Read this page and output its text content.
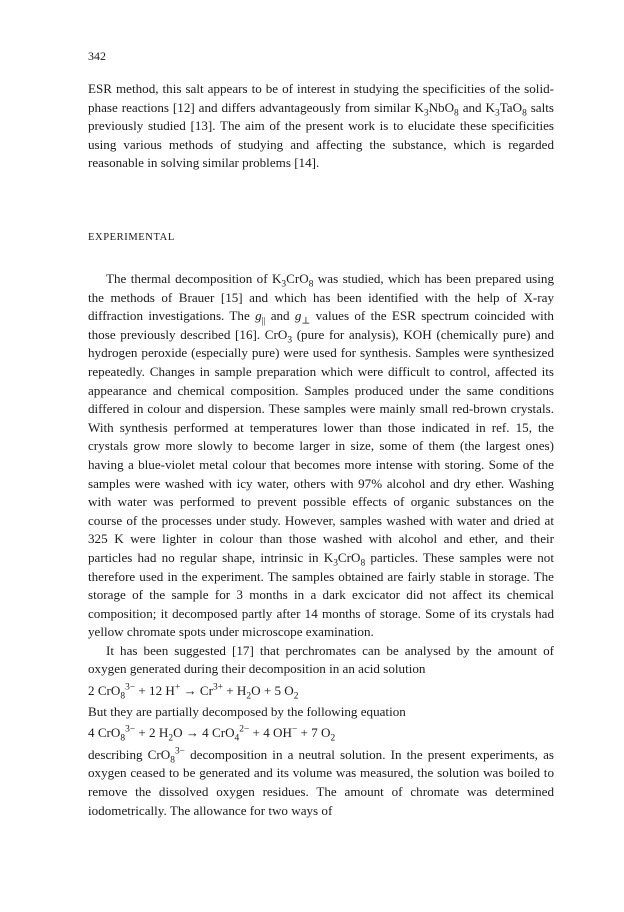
342

ESR method, this salt appears to be of interest in studying the specificities of the solid-phase reactions [12] and differs advantageously from similar $K_3NbO_8$ and $K_3TaO_8$ salts previously studied [13]. The aim of the present work is to elucidate these specificities using various methods of studying and affecting the substance, which is regarded reasonable in solving similar problems [14].

EXPERIMENTAL

The thermal decomposition of $K_3CrO_8$ was studied, which has been prepared using the methods of Brauer [15] and which has been identified with the help of X-ray diffraction investigations. The $g_{||}$ and $g_\perp$ values of the ESR spectrum coincided with those previously described [16]. CrO$_3$ (pure for analysis), KOH (chemically pure) and hydrogen peroxide (especially pure) were used for synthesis. Samples were synthesized repeatedly. Changes in sample preparation which were difficult to control, affected its appearance and chemical composition. Samples produced under the same conditions differed in colour and dispersion. These samples were mainly small red-brown crystals. With synthesis performed at temperatures lower than those indicated in ref. 15, the crystals grow more slowly to become larger in size, some of them (the largest ones) having a blue-violet metal colour that becomes more intense with storing. Some of the samples were washed with icy water, others with 97% alcohol and dry ether. Washing with water was performed to prevent possible effects of organic substances on the course of the processes under study. However, samples washed with water and dried at 325 K were lighter in colour than those washed with alcohol and ether, and their particles had no regular shape, intrinsic in $K_3CrO_8$ particles. These samples were not therefore used in the experiment. The samples obtained are fairly stable in storage. The storage of the sample for 3 months in a dark excicator did not affect its chemical composition; it decomposed partly after 14 months of storage. Some of its crystals had yellow chromate spots under microscope examination.

It has been suggested [17] that perchromates can be analysed by the amount of oxygen generated during their decomposition in an acid solution

2 CrO$_8^{3-}$ + 12 $H^+ \to Cr^{3+} + H_2O + 5$ $O_2$

But they are partially decomposed by the following equation

4 CrO$_8^{3-}$ + 2 $H_2O \to 4$ CrO$_4^{2-}$ + 4 OH− + 7 $O_2$

describing CrO$_8^{3-}$ decomposition in a neutral solution. In the present experiments, as oxygen ceased to be generated and its volume was measured, the solution was boiled to remove the dissolved oxygen residues. The amount of chromate was determined iodometrically. The allowance for two ways of
